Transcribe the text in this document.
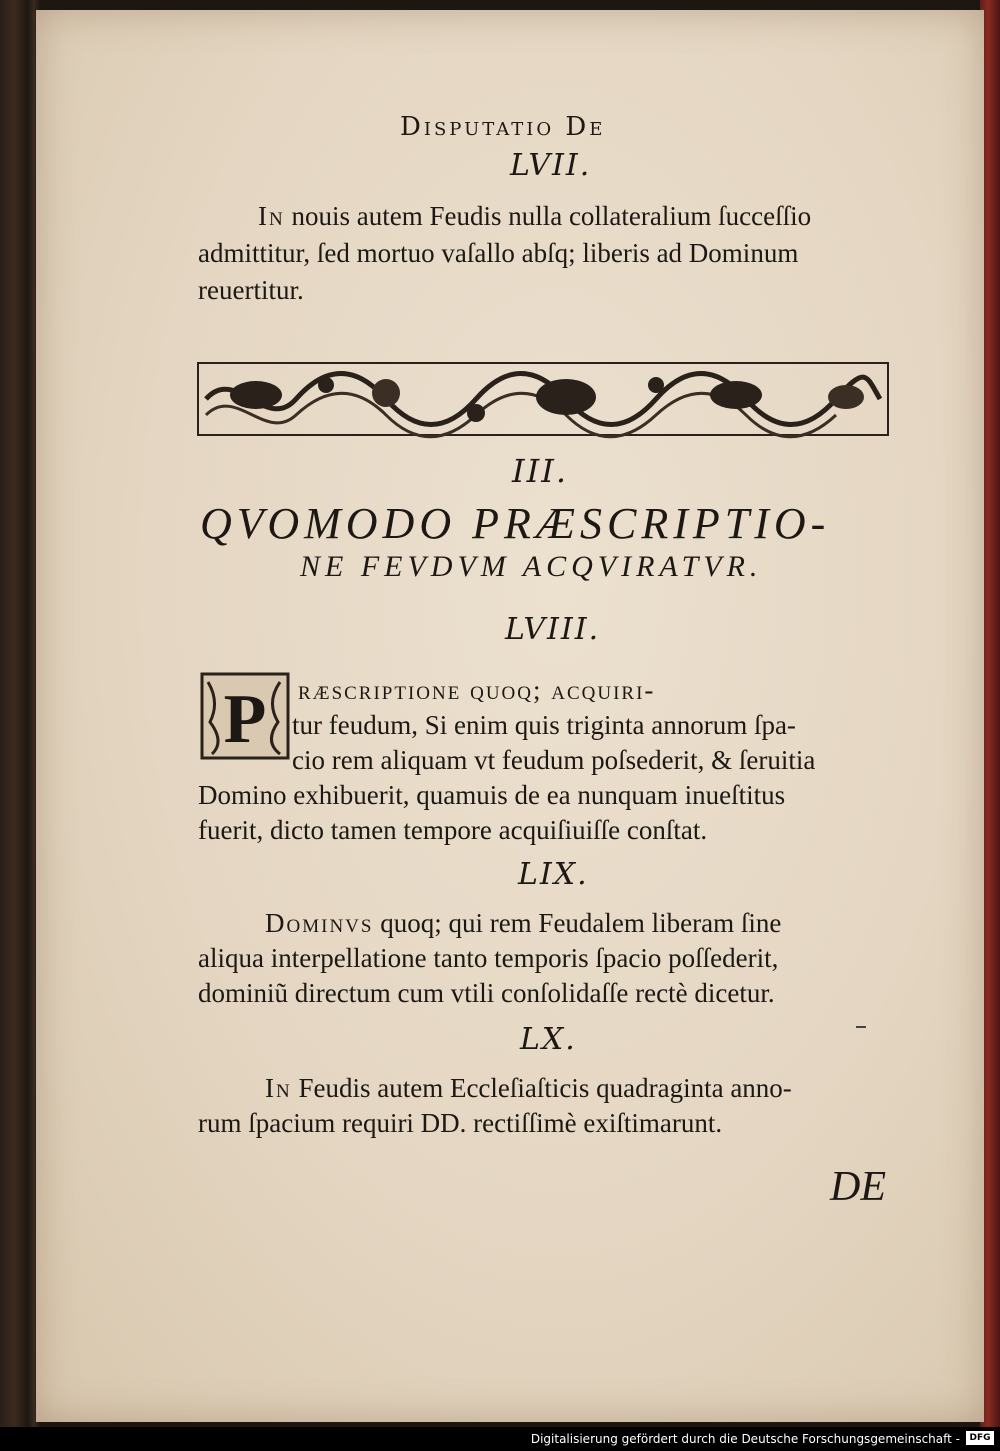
Disputatio De
LVII.
In nouis autem Feudis nulla collateralium ſucceſſio
admittitur, ſed mortuo vaſallo abſq; liberis ad Dominum
reuertitur.
III.
QVOMODO PRÆSCRIPTIO-
NE FEVDVM ACQVIRATVR.
LVIII.
P ræscriptione quoq; acquiri-
tur feudum, Si enim quis triginta annorum ſpa-
cio rem aliquam vt feudum poſsederit, & ſeruitia
Domino exhibuerit, quamuis de ea nunquam inueſtitus
fuerit, dicto tamen tempore acquiſiuiſſe conſtat.
LIX.
Dominvs quoq; qui rem Feudalem liberam ſine
aliqua interpellatione tanto temporis ſpacio poſſederit,
dominiũ directum cum vtili conſolidaſſe rectè dicetur.
LX.
In Feudis autem Eccleſiaſticis quadraginta anno-
rum ſpacium requiri DD. rectiſſimè exiſtimarunt.
DE
Digitalisierung gefördert durch die Deutsche Forschungsgemeinschaft -	DFG
